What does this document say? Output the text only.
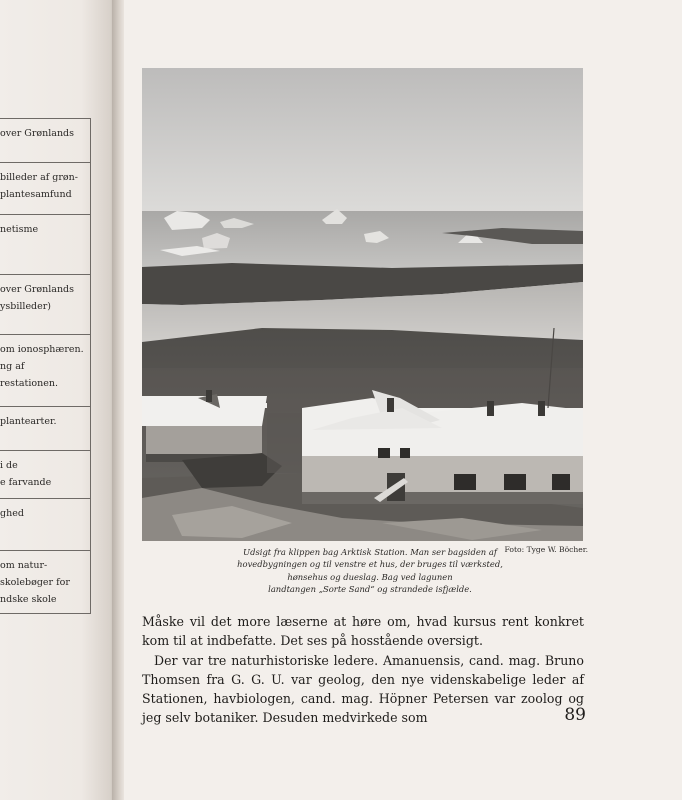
over Grønlands
billeder af grøn-
plantesamfund
netisme
over Grønlands
ysbilleder)
om ionosphæren.
ng af
restationen.
plantearter.
i de
e farvande
ghed
om natur-
skolebøger for
ndske skole
Udsigt fra klippen bag Arktisk Station. Man ser bagsiden af
hovedbygningen og til venstre et hus, der bruges til værksted, hønsehus og dueslag. Bag ved lagunen
landtangen „Sorte Sand“ og strandede isfjælde.
Foto: Tyge W. Böcher.

Måske vil det more læserne at høre om, hvad kursus rent konkret kom til at indbefatte. Det ses på hosstående oversigt.

Der var tre naturhistoriske ledere. Amanuensis, cand. mag. Bruno Thomsen fra G. G. U. var geolog, den nye videnskabelige leder af Stationen, havbiologen, cand. mag. Höpner Petersen var zoolog og jeg selv botaniker. Desuden medvirkede som	89
